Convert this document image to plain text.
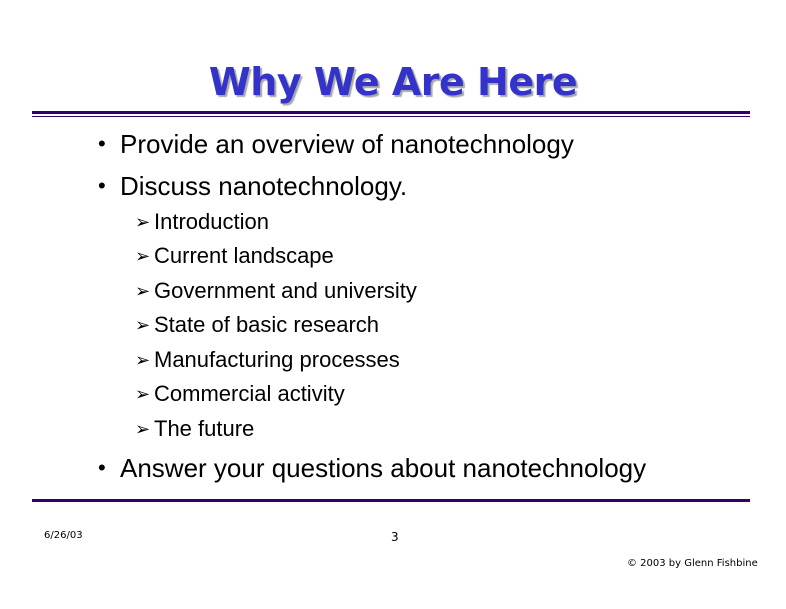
Why We Are Here
• Provide an overview of nanotechnology
• Discuss nanotechnology.
➢ Introduction
➢ Current landscape
➢ Government and university
➢ State of basic research
➢ Manufacturing processes
➢ Commercial activity
➢ The future
• Answer your questions about nanotechnology
6/26/03	3
© 2003 by Glenn Fishbine
